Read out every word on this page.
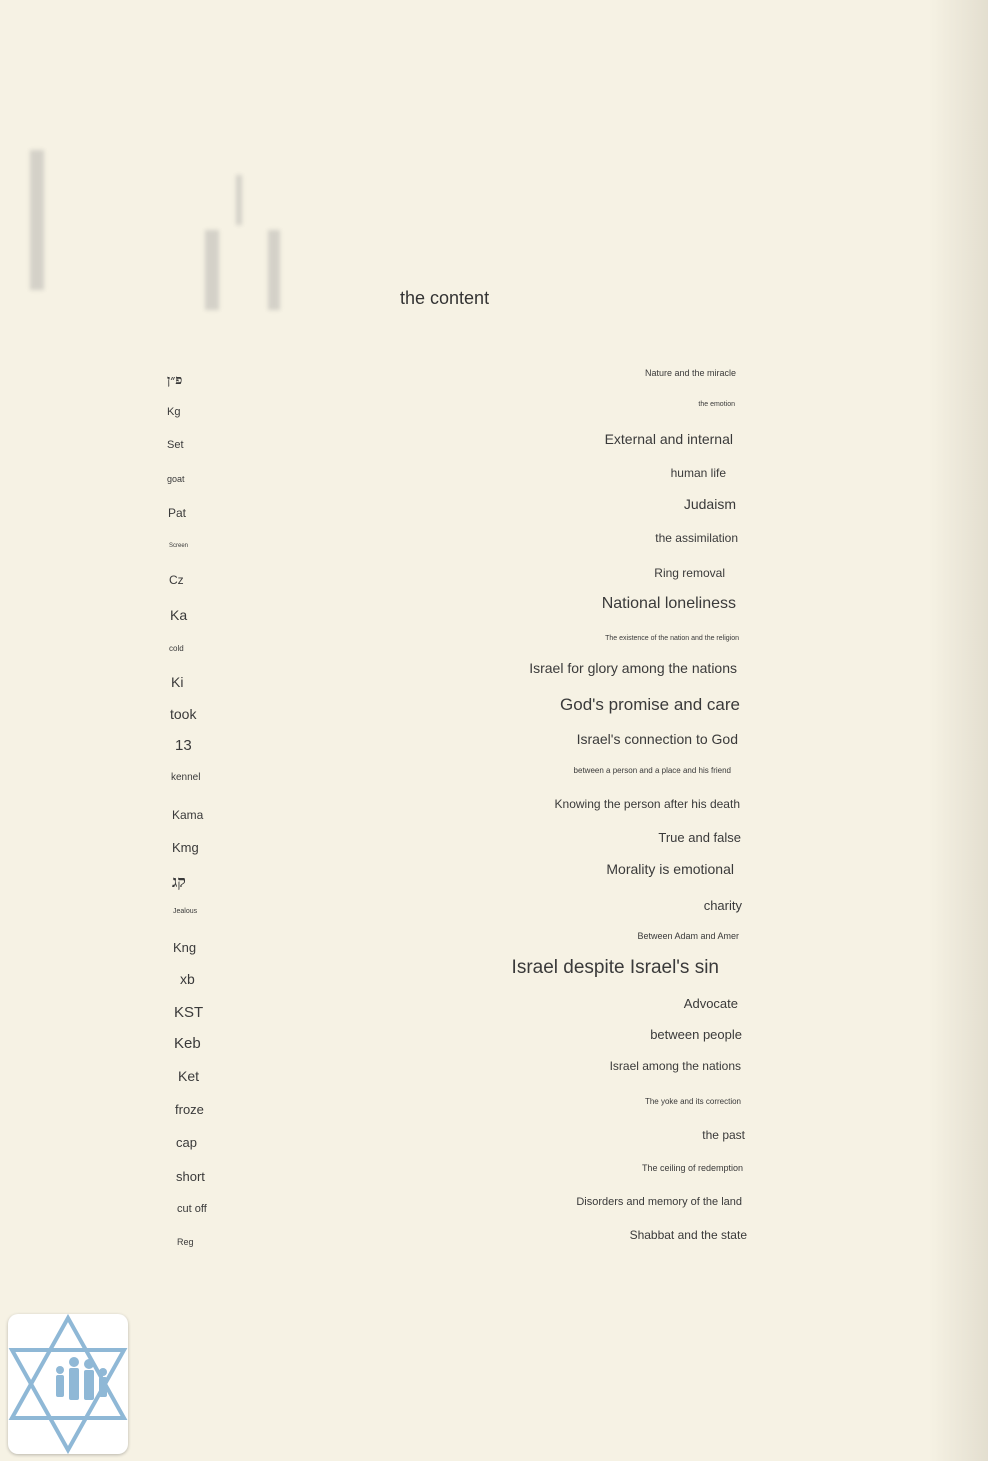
the content
פ״ן
Kg
Set
goat
Pat
Screen
Cz
Ka
cold
Ki
took
13
kennel
Kama
Kmg
קג
Jealous
Kng
xb
KST
Keb
Ket
froze
cap
short
cut off
Reg
Nature and the miracle
the emotion
External and internal
human life
Judaism
the assimilation
Ring removal
National loneliness
The existence of the nation and the religion
Israel for glory among the nations
God's promise and care
Israel's connection to God
between a person and a place and his friend
Knowing the person after his death
True and false
Morality is emotional
charity
Between Adam and Amer
Israel despite Israel's sin
Advocate
between people
Israel among the nations
The yoke and its correction
the past
The ceiling of redemption
Disorders and memory of the land
Shabbat and the state
